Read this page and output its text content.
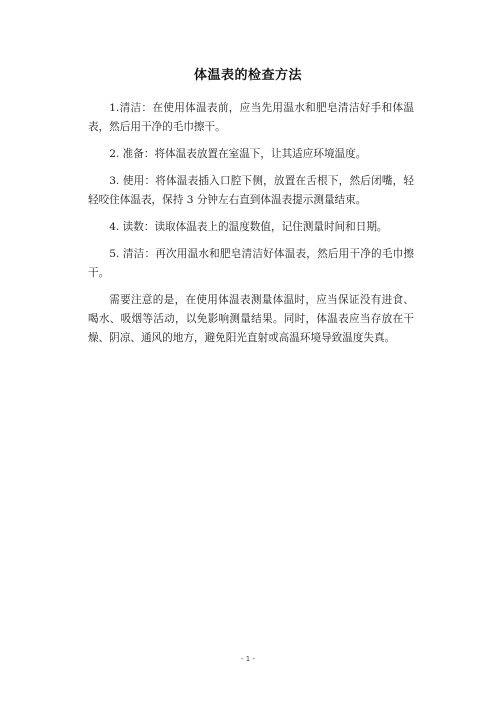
体温表的检查方法

1.清洁：在使用体温表前，应当先用温水和肥皂清洁好手和体温表，然后用干净的毛巾擦干。

2. 准备：将体温表放置在室温下，让其适应环境温度。

3. 使用：将体温表插入口腔下侧，放置在舌根下，然后闭嘴，轻轻咬住体温表，保持 3 分钟左右直到体温表提示测量结束。

4. 读数：读取体温表上的温度数值，记住测量时间和日期。

5. 清洁：再次用温水和肥皂清洁好体温表，然后用干净的毛巾擦干。

需要注意的是，在使用体温表测量体温时，应当保证没有进食、喝水、吸烟等活动，以免影响测量结果。同时，体温表应当存放在干燥、阴凉、通风的地方，避免阳光直射或高温环境导致温度失真。

- 1 -
